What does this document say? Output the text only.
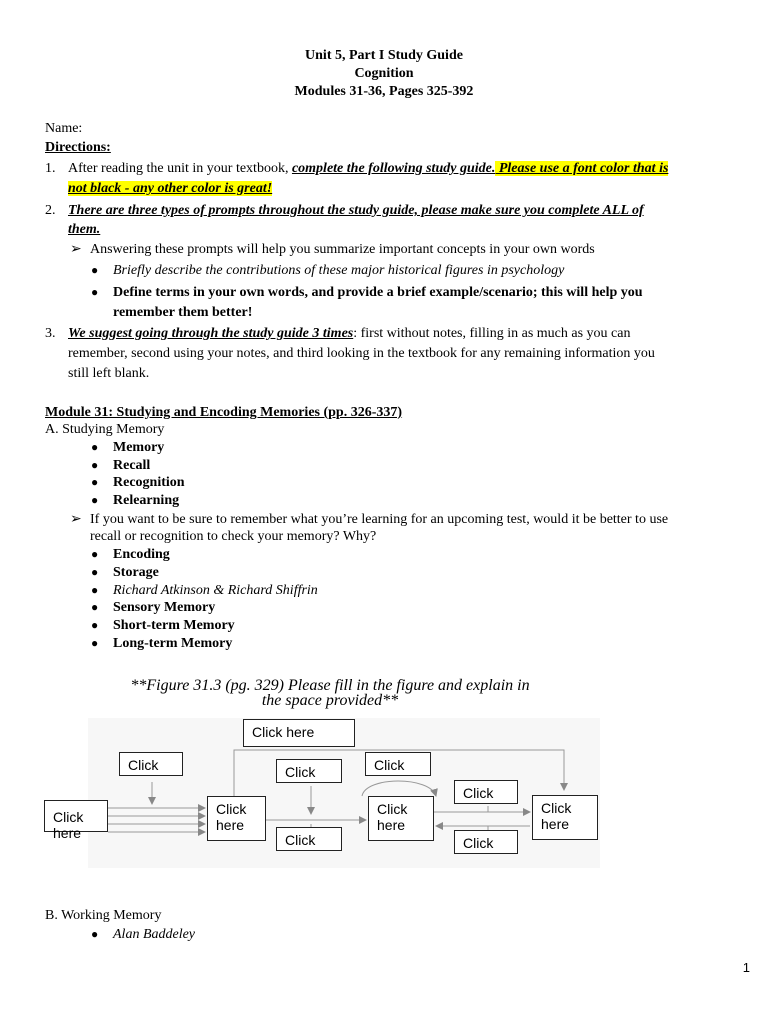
Unit 5, Part I Study Guide
Cognition
Modules 31-36, Pages 325-392
Name:
Directions:
1. After reading the unit in your textbook, complete the following study guide. Please use a font color that is
not black - any other color is great!
2. There are three types of prompts throughout the study guide, please make sure you complete ALL of
them.
➢ Answering these prompts will help you summarize important concepts in your own words
● Briefly describe the contributions of these major historical figures in psychology
● Define terms in your own words, and provide a brief example/scenario; this will help you
remember them better!
3. We suggest going through the study guide 3 times: first without notes, filling in as much as you can
remember, second using your notes, and third looking in the textbook for any remaining information you
still left blank.
Module 31: Studying and Encoding Memories (pp. 326-337)
A. Studying Memory
● Memory
● Recall
● Recognition
● Relearning
➢ If you want to be sure to remember what you’re learning for an upcoming test, would it be better to use
recall or recognition to check your memory? Why?
● Encoding
● Storage
● Richard Atkinson & Richard Shiffrin
● Sensory Memory
● Short-term Memory
● Long-term Memory
**Figure 31.3 (pg. 329) Please fill in the figure and explain in
the space provided**
Click here
Click	Click	Click
Click
Click	Click
Click here
Click
here
Click
here
Click
here
B. Working Memory
● Alan Baddeley
1
